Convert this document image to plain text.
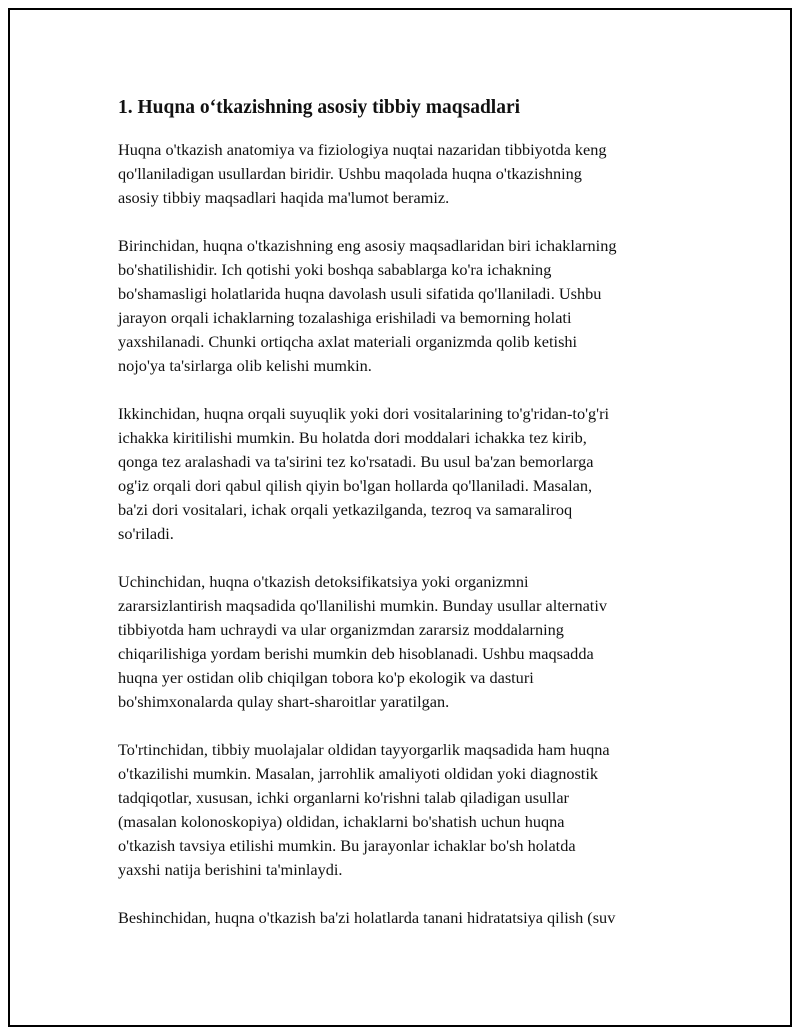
1. Huqna o‘tkazishning asosiy tibbiy maqsadlari

Huqna o'tkazish anatomiya va fiziologiya nuqtai nazaridan tibbiyotda keng
qo'llaniladigan usullardan biridir. Ushbu maqolada huqna o'tkazishning
asosiy tibbiy maqsadlari haqida ma'lumot beramiz.

Birinchidan, huqna o'tkazishning eng asosiy maqsadlaridan biri ichaklarning
bo'shatilishidir. Ich qotishi yoki boshqa sabablarga ko'ra ichakning
bo'shamasligi holatlarida huqna davolash usuli sifatida qo'llaniladi. Ushbu
jarayon orqali ichaklarning tozalashiga erishiladi va bemorning holati
yaxshilanadi. Chunki ortiqcha axlat materiali organizmda qolib ketishi
nojo'ya ta'sirlarga olib kelishi mumkin.

Ikkinchidan, huqna orqali suyuqlik yoki dori vositalarining to'g'ridan-to'g'ri
ichakka kiritilishi mumkin. Bu holatda dori moddalari ichakka tez kirib,
qonga tez aralashadi va ta'sirini tez ko'rsatadi. Bu usul ba'zan bemorlarga
og'iz orqali dori qabul qilish qiyin bo'lgan hollarda qo'llaniladi. Masalan,
ba'zi dori vositalari, ichak orqali yetkazilganda, tezroq va samaraliroq
so'riladi.

Uchinchidan, huqna o'tkazish detoksifikatsiya yoki organizmni
zararsizlantirish maqsadida qo'llanilishi mumkin. Bunday usullar alternativ
tibbiyotda ham uchraydi va ular organizmdan zararsiz moddalarning
chiqarilishiga yordam berishi mumkin deb hisoblanadi. Ushbu maqsadda
huqna yer ostidan olib chiqilgan tobora ko'p ekologik va dasturi
bo'shimxonalarda qulay shart-sharoitlar yaratilgan.

To'rtinchidan, tibbiy muolajalar oldidan tayyorgarlik maqsadida ham huqna
o'tkazilishi mumkin. Masalan, jarrohlik amaliyoti oldidan yoki diagnostik
tadqiqotlar, xususan, ichki organlarni ko'rishni talab qiladigan usullar
(masalan kolonoskopiya) oldidan, ichaklarni bo'shatish uchun huqna
o'tkazish tavsiya etilishi mumkin. Bu jarayonlar ichaklar bo'sh holatda
yaxshi natija berishini ta'minlaydi.

Beshinchidan, huqna o'tkazish ba'zi holatlarda tanani hidratatsiya qilish (suv
